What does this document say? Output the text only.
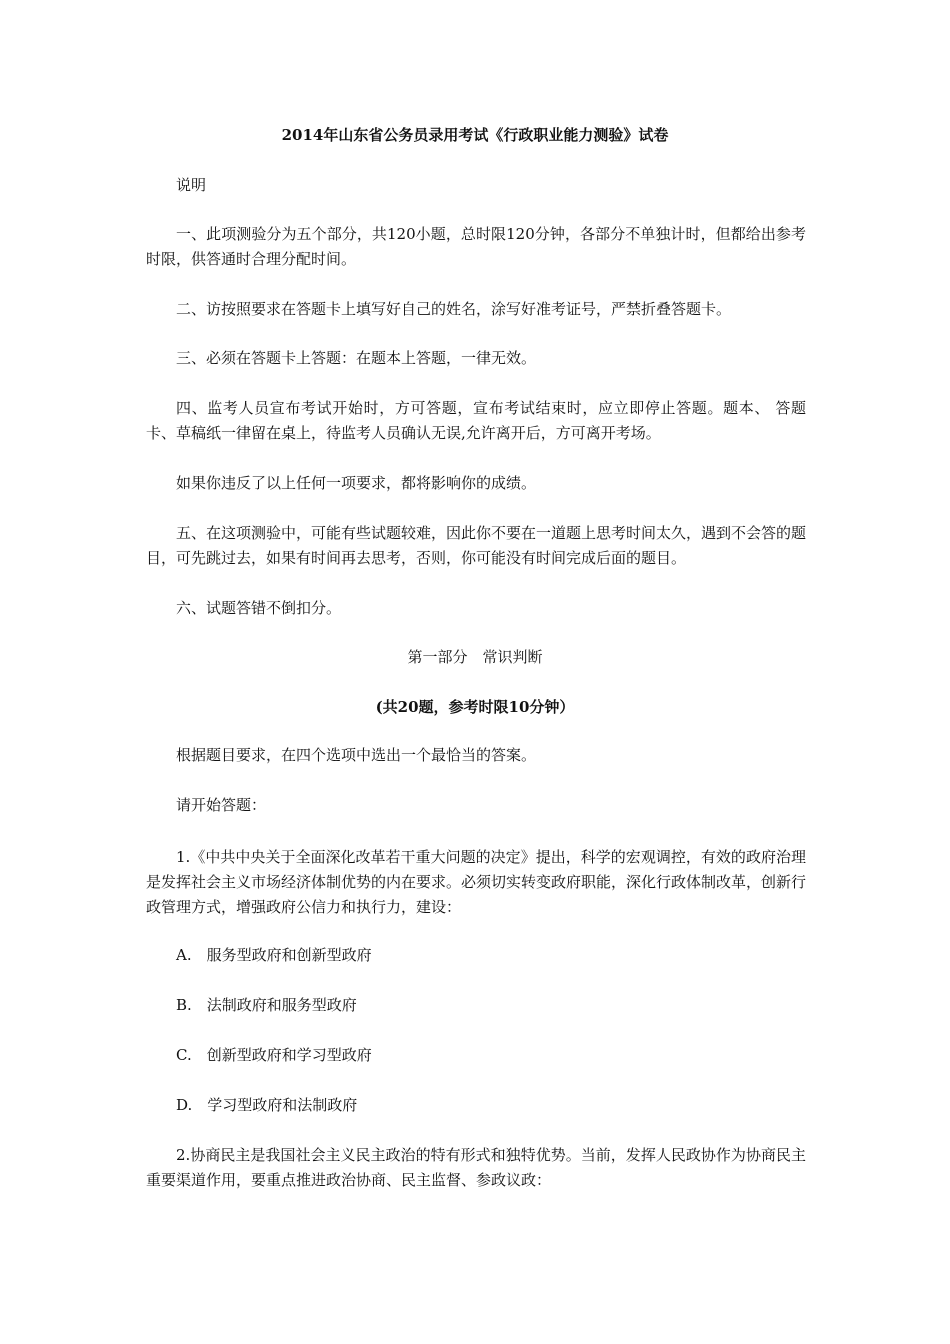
2014年山东省公务员录用考试《行政职业能力测验》试卷
说明
一、此项测验分为五个部分，共120小题，总时限120分钟，各部分不单独计时，但都给出参考时限，供答通时合理分配时间。
二、访按照要求在答题卡上填写好自己的姓名，涂写好准考证号，严禁折叠答题卡。
三、必须在答题卡上答题：在题本上答题，一律无效。
四、监考人员宣布考试开始时，方可答题，宣布考试结束时，应立即停止答题。题本、 答题卡、草稿纸一律留在桌上，待监考人员确认无误,允许离开后，方可离开考场。
如果你违反了以上任何一项要求，都将影响你的成绩。
五、在这项测验中，可能有些试题较难，因此你不要在一道题上思考时间太久，遇到不会答的题目，可先跳过去，如果有时间再去思考，否则，你可能没有时间完成后面的题目。
六、试题答错不倒扣分。
第一部分　常识判断
(共20题，参考时限10分钟）
根据题目要求，在四个选项中选出一个最恰当的答案。
请开始答题：
1.《中共中央关于全面深化改革若干重大问题的决定》提出，科学的宏观调控，有效的政府治理是发挥社会主义市场经济体制优势的内在要求。必须切实转变政府职能，深化行政体制改革，创新行政管理方式，增强政府公信力和执行力，建设：
A.　服务型政府和创新型政府
B.　法制政府和服务型政府
C.　创新型政府和学习型政府
D.　学习型政府和法制政府
2.协商民主是我国社会主义民主政治的特有形式和独特优势。当前，发挥人民政协作为协商民主重要渠道作用，要重点推进政治协商、民主监督、参政议政：
